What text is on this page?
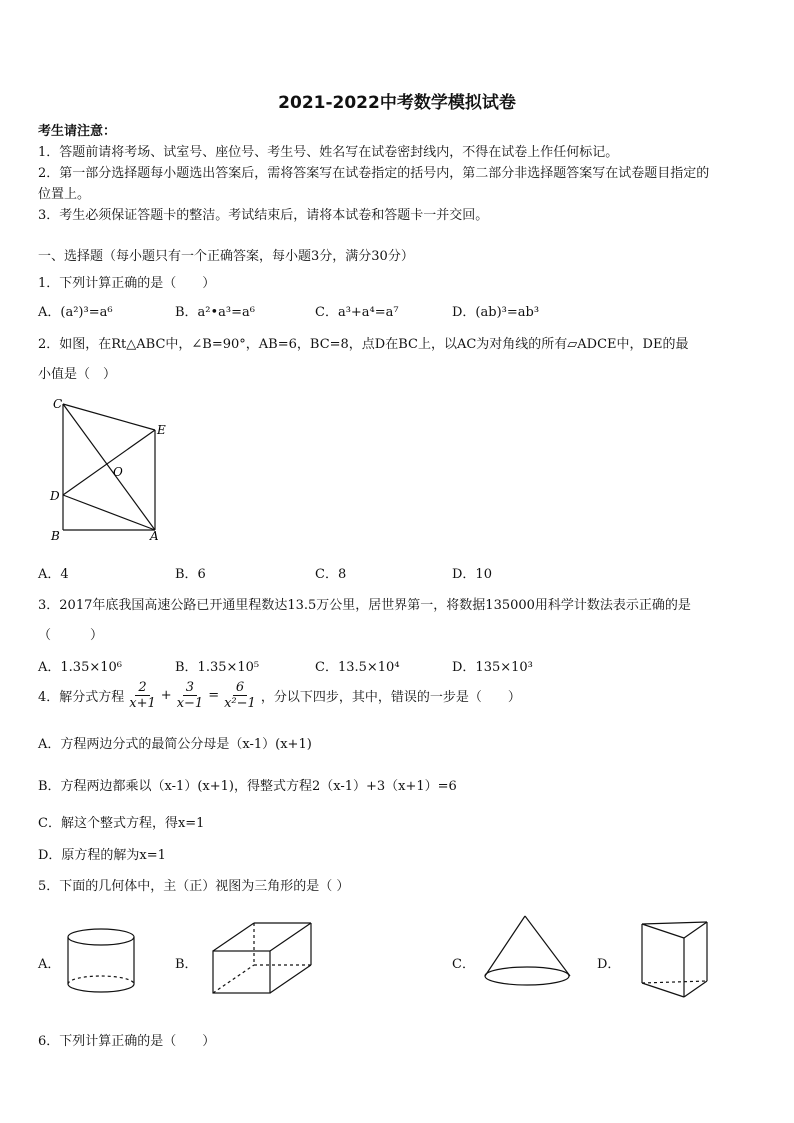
2021-2022中考数学模拟试卷
考生请注意：
1．答题前请将考场、试室号、座位号、考生号、姓名写在试卷密封线内，不得在试卷上作任何标记。
2．第一部分选择题每小题选出答案后，需将答案写在试卷指定的括号内，第二部分非选择题答案写在试卷题目指定的
位置上。
3．考生必须保证答题卡的整洁。考试结束后，请将本试卷和答题卡一并交回。
一、选择题（每小题只有一个正确答案，每小题3分，满分30分）
1．下列计算正确的是（　　）
A．(a²)³=a⁶	B．a²•a³=a⁶	C．a³+a⁴=a⁷	D．(ab)³=ab³
2．如图，在Rt△ABC中，∠B=90°，AB=6，BC=8，点D在BC上，以AC为对角线的所有▱ADCE中，DE的最
小值是（　）
C
E
O
D
B	A
A．4	B．6	C．8	D．10
3．2017年底我国高速公路已开通里程数达13.5万公里，居世界第一，将数据135000用科学计数法表示正确的是
（　　　）
A．1.35×10⁶	B．1.35×10⁵	C．13.5×10⁴	D．135×10³
4．解分式方程 $\frac{2}{x+1} + \frac{3}{x-1} = \frac{6}{\text{x²−1}}$ ，分以下四步，其中，错误的一步是（　　）
A．方程两边分式的最简公分母是（x-1）(x+1)
B．方程两边都乘以（x-1）(x+1)，得整式方程2（x-1）+3（x+1）=6
C．解这个整式方程，得x=1
D．原方程的解为x=1
5．下面的几何体中，主（正）视图为三角形的是（ ）
A．	B．	C．	D．
6．下列计算正确的是（　　）
